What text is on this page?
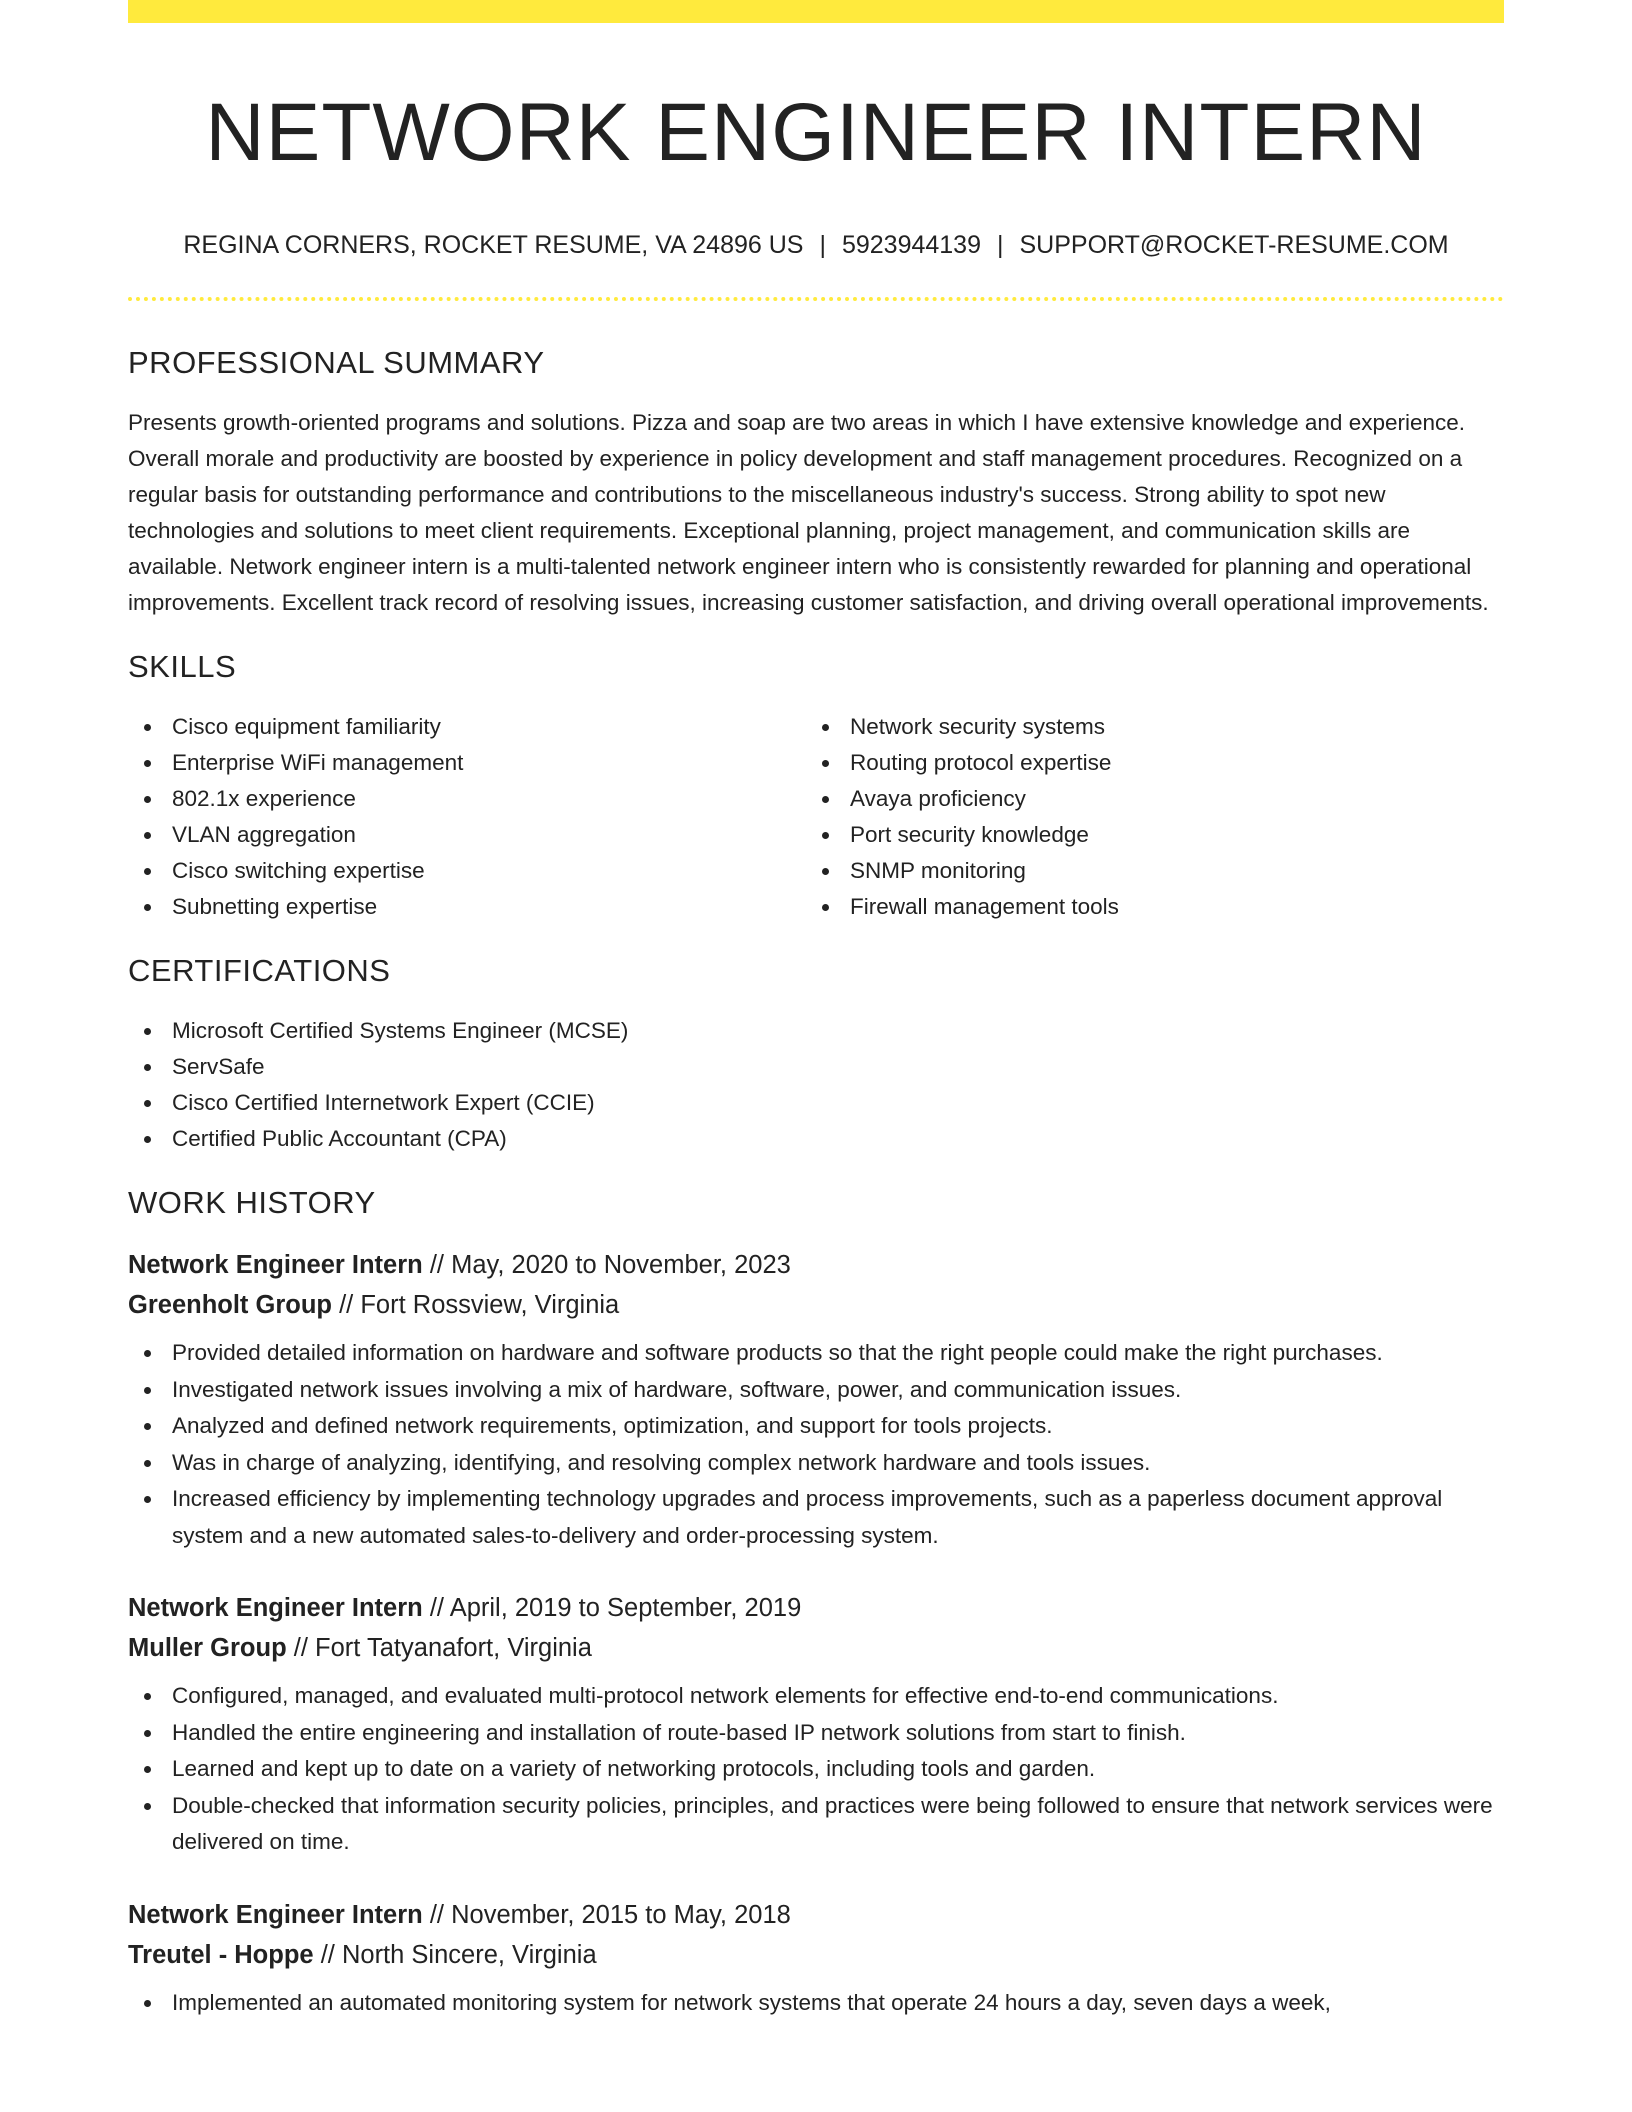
NETWORK ENGINEER INTERN
REGINA CORNERS, ROCKET RESUME, VA 24896 US | 5923944139 | SUPPORT@ROCKET-RESUME.COM
PROFESSIONAL SUMMARY

Presents growth-oriented programs and solutions. Pizza and soap are two areas in which I have extensive knowledge and experience. Overall morale and productivity are boosted by experience in policy development and staff management procedures. Recognized on a regular basis for outstanding performance and contributions to the miscellaneous industry's success. Strong ability to spot new technologies and solutions to meet client requirements. Exceptional planning, project management, and communication skills are available. Network engineer intern is a multi-talented network engineer intern who is consistently rewarded for planning and operational improvements. Excellent track record of resolving issues, increasing customer satisfaction, and driving overall operational improvements.

SKILLS
Cisco equipment familiarity
Enterprise WiFi management
802.1x experience
VLAN aggregation
Cisco switching expertise
Subnetting expertise
Network security systems
Routing protocol expertise
Avaya proficiency
Port security knowledge
SNMP monitoring
Firewall management tools
CERTIFICATIONS
Microsoft Certified Systems Engineer (MCSE)
ServSafe
Cisco Certified Internetwork Expert (CCIE)
Certified Public Accountant (CPA)
WORK HISTORY
Network Engineer Intern // May, 2020 to November, 2023
Greenholt Group // Fort Rossview, Virginia
Provided detailed information on hardware and software products so that the right people could make the right purchases.
Investigated network issues involving a mix of hardware, software, power, and communication issues.
Analyzed and defined network requirements, optimization, and support for tools projects.
Was in charge of analyzing, identifying, and resolving complex network hardware and tools issues.
Increased efficiency by implementing technology upgrades and process improvements, such as a paperless document approval system and a new automated sales-to-delivery and order-processing system.
Network Engineer Intern // April, 2019 to September, 2019
Muller Group // Fort Tatyanafort, Virginia
Configured, managed, and evaluated multi-protocol network elements for effective end-to-end communications.
Handled the entire engineering and installation of route-based IP network solutions from start to finish.
Learned and kept up to date on a variety of networking protocols, including tools and garden.
Double-checked that information security policies, principles, and practices were being followed to ensure that network services were delivered on time.
Network Engineer Intern // November, 2015 to May, 2018
Treutel - Hoppe // North Sincere, Virginia
Implemented an automated monitoring system for network systems that operate 24 hours a day, seven days a week,
